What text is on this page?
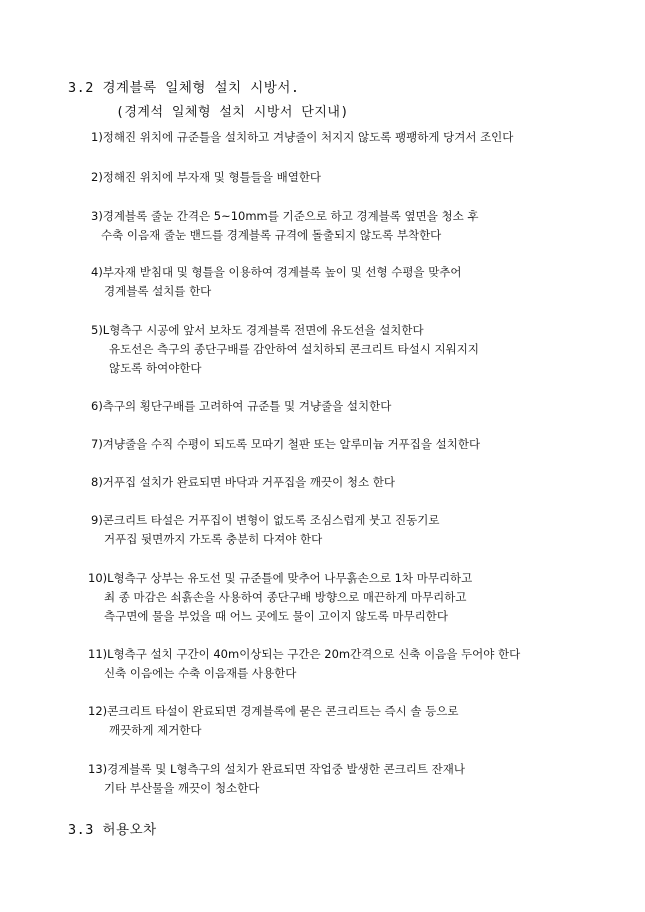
3.2 경계블록 일체형 설치 시방서.
(경계석 일체형 설치 시방서 단지내)
1)정해진 위치에 규준틀을 설치하고 겨냥줄이 처지지 않도록 팽팽하게 당겨서 조인다
2)정해진 위치에 부자재 및 형틀들을 배열한다
3)경계블록 줄눈 간격은 5~10mm를 기준으로 하고 경계블록 옆면을 청소 후
수축 이음재 줄눈 밴드를 경계블록 규격에 돌출되지 않도록 부착한다
4)부자재 받침대 및 형틀을 이용하여 경계블록 높이 및 선형 수평을 맞추어
경계블록 설치를 한다
5)L형측구 시공에 앞서 보차도 경계블록 전면에 유도선을 설치한다
유도선은 측구의 종단구배를 감안하여 설치하되 콘크리트 타설시 지워지지
않도록 하여야한다
6)측구의 횡단구배를 고려하여 규준틀 및 겨냥줄을 설치한다
7)겨냥줄을 수직 수평이 되도록 모따기 철판 또는 알루미늄 거푸집을 설치한다
8)거푸집 설치가 완료되면 바닥과 거푸집을 깨끗이 청소 한다
9)콘크리트 타설은 거푸집이 변형이 없도록 조심스럽게 붓고 진동기로
거푸집 뒷면까지 가도록 충분히 다져야 한다
10)L형측구 상부는 유도선 및 규준틀에 맞추어 나무흙손으로 1차 마무리하고
최 종 마감은 쇠흙손을 사용하여 종단구배 방향으로 매끈하게 마무리하고
측구면에 물을 부었을 때 어느 곳에도 물이 고이지 않도록 마무리한다
11)L형측구 설치 구간이 40m이상되는 구간은 20m간격으로 신축 이음을 두어야 한다
신축 이음에는 수축 이음재를 사용한다
12)콘크리트 타설이 완료되면 경계블록에 묻은 콘크리트는 즉시 솔 등으로
깨끗하게 제거한다
13)경계블록 및 L형측구의 설치가 완료되면 작업중 발생한 콘크리트 잔재나
기타 부산물을 깨끗이 청소한다
3.3 허용오차
